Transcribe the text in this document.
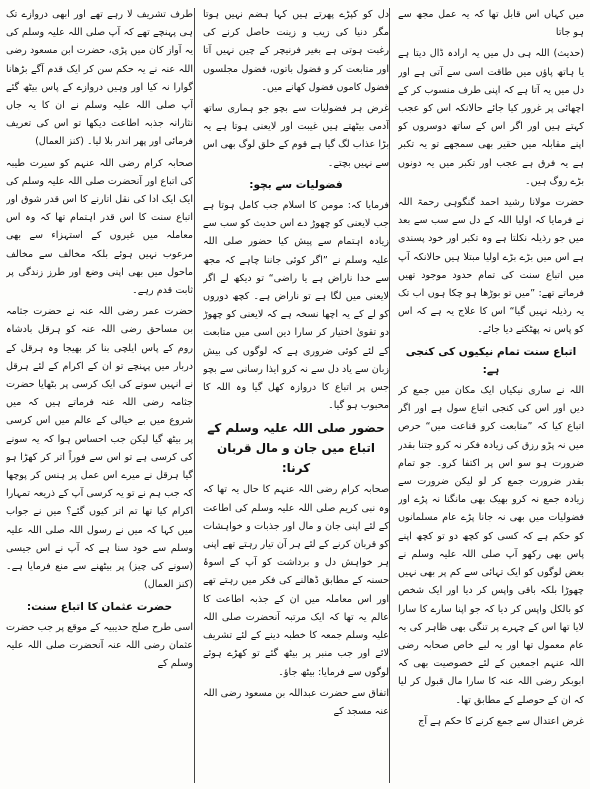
میں کہاں اس قابل تھا کہ یہ عمل مجھ سے ہو جاتا
(حدیث) اللہ ہی دل میں یہ ارادہ ڈال دیتا ہے یا ہاتھ پاؤں میں طاقت اسی سے آتی ہے اور دل میں یہ آتا ہے کہ اپنی طرف منسوب کر کے اچھائی پر غرور کیا جائے حالانکہ اس کو عجب کہتے ہیں اور اگر اس کے ساتھ دوسروں کو اپنے مقابلہ میں حقیر بھی سمجھے تو یہ تکبر ہے یہ فرق ہے عجب اور تکبر میں یہ دونوں بڑے روگ ہیں۔
حضرت مولانا رشید احمد گنگوہی رحمۃ اللہ نے فرمایا کہ اولیا اللہ کے دل سے سب سے بعد میں جو رذیلہ نکلتا ہے وہ تکبر اور خود پسندی ہے اس میں بڑے بڑے اولیا مبتلا ہیں حالانکہ آپ میں اتباع سنت کی تمام حدود موجود تھیں فرماتے تھے: ”میں تو بوڑھا ہو چکا ہوں اب تک یہ رذیلہ نہیں گیا“ اس کا علاج یہ ہے کہ اس کو پاس نہ پھٹکنے دیا جائے۔
اتباع سنت تمام نیکیوں کی کنجی ہے:
اللہ نے ساری نیکیاں ایک مکان میں جمع کر دیں اور اس کی کنجی اتباع سول ہے اور اگر اتباع کیا کہ ”متابعت کرو قناعت میں“ حرص میں نہ پڑو رزق کی زیادہ فکر نہ کرو جتنا بقدر ضرورت ہو سو اس پر اکتفا کرو۔ جو تمام بقدر ضرورت جمع کر لو لیکن ضرورت سے زیادہ جمع نہ کرو بھیک بھی مانگنا نہ پڑے اور فضولیات میں بھی نہ جانا پڑے عام مسلمانوں کو حکم ہے کہ کسی کو کچھ دو تو کچھ اپنے پاس بھی رکھو آپ صلی اللہ علیہ وسلم نے بعض لوگوں کو ایک تہائی سے کم پر بھی نہیں چھوڑا بلکہ باقی واپس کر دیا اور ایک شخص کو بالکل واپس کر دیا کہ جو اپنا سارے کا سارا لایا تھا اس کے چہرے پر تنگی بھی ظاہر کی یہ عام معمول تھا اور یہ لیے خاص صحابہ رضی اللہ عنہم اجمعین کے لئے خصوصیت بھی کہ ابوبکر رضی اللہ عنہ کا سارا مال قبول کر لیا کہ ان کے حوصلے کے مطابق تھا۔
غرض اعتدال سے جمع کرنے کا حکم ہے آج
دل کو کپڑے پھرتے ہیں کہا ہضم نہیں ہوتا مگر دنیا کی زیب و زینت حاصل کرنے کی رغبت ہوتی ہے بغیر فرنیچر کے چین نہیں آتا اور متابعت کر و فضول باتوں، فضول مجلسوں فضول کاموں فضول کھانے میں۔
غرض ہر فضولیات سے بچو جو ہماری ساتھ آدمی بیٹھتے ہیں غیبت اور لایعنی ہوتا ہے یہ بڑا عذاب لگ گیا ہے قوم کے خلق لوگ بھی اس سے نہیں بچتے۔
فضولیات سے بچو:
فرمایا کہ: مومن کا اسلام جب کامل ہوتا ہے جب لایعنی کو چھوڑ دے اس حدیث کو سب سے زیادہ اہتمام سے پیش کیا حضور صلی اللہ علیہ وسلم نے ”اگر کوئی جاننا چاہے کہ مجھ سے خدا ناراض ہے یا راضی“ تو دیکھ لے اگر لایعنی میں لگا ہے تو ناراض ہے۔ کچھ دوروں کو لے کے یہ اچھا نسخہ ہے کہ لایعنی کو چھوڑ دو تقویٰ اختیار کر سارا دین اسی میں متابعت کے لئے کوئی ضروری ہے کہ لوگوں کی بیش زبان سے یاد دل سے نہ کرو ایذا رسانی سے بچو جس پر اتباع کا دروازہ کھل گیا وہ اللہ کا محبوب ہو گیا۔
حضور صلی اللہ علیہ وسلم کے اتباع میں جان و مال قربان کرنا:
صحابہ کرام رضی اللہ عنہم کا حال یہ تھا کہ وہ نبی کریم صلی اللہ علیہ وسلم کی اطاعت کے لئے اپنی جان و مال اور جذبات و خواہشات کو قربان کرنے کے لئے ہر آن تیار رہتے تھے اپنی ہر خواہش دل و برداشت کو آپ کے اسوۂ حسنہ کے مطابق ڈھالنے کی فکر میں رہتے تھے اور اس معاملہ میں ان کے جذبہ اطاعت کا عالم یہ تھا کہ ایک مرتبہ آنحضرت صلی اللہ علیہ وسلم جمعہ کا خطبہ دینے کے لئے تشریف لائے اور جب منبر پر بیٹھ گئے تو کھڑے ہوئے لوگوں سے فرمایا: بیٹھ جاؤ۔
اتفاق سے حضرت عبداللہ بن مسعود رضی اللہ عنہ مسجد کے
طرف تشریف لا رہے تھے اور ابھی دروازے تک ہی پہنچے تھے کہ آپ صلی اللہ علیہ وسلم کی یہ آواز کان میں پڑی، حضرت ابن مسعود رضی اللہ عنہ نے یہ حکم سن کر ایک قدم آگے بڑھانا گوارا نہ کیا اور وہیں دروازے کے پاس بیٹھ گئے آپ صلی اللہ علیہ وسلم نے ان کا یہ جاں نثارانہ جذبہ اطاعت دیکھا تو اس کی تعریف فرمائی اور پھر اندر بلا لیا۔ (کنز العمال)
صحابہ کرام رضی اللہ عنہم کو سیرت طیبہ کی اتباع اور آنحضرت صلی اللہ علیہ وسلم کی ایک ایک ادا کی نقل اتارنے کا اس قدر شوق اور اتباع سنت کا اس قدر اہتمام تھا کہ وہ اس معاملہ میں غیروں کے استہزاء سے بھی مرعوب نہیں ہوئے بلکہ مخالف سے مخالف ماحول میں بھی اپنی وضع اور طرز زندگی پر ثابت قدم رہے۔
حضرت عمر رضی اللہ عنہ نے حضرت جثامہ بن مساحق رضی اللہ عنہ کو ہرقل بادشاہ روم کے پاس ایلچی بنا کر بھیجا وہ ہرقل کے دربار میں پہنچے تو ان کے اکرام کے لئے ہرقل نے انہیں سونے کی ایک کرسی پر بٹھایا حضرت جثامہ رضی اللہ عنہ فرماتے ہیں کہ میں شروع میں بے خیالی کے عالم میں اس کرسی پر بیٹھ گیا لیکن جب احساس ہوا کہ یہ سونے کی کرسی ہے تو اس سے فوراً اتر کر کھڑا ہو گیا ہرقل نے میرے اس عمل پر ہنس کر پوچھا کہ جب ہم نے تو یہ کرسی آپ کے ذریعہ تمہارا اکرام کیا تھا تم اتر کیوں گئے؟ میں نے جواب میں کہا کہ میں نے رسول اللہ صلی اللہ علیہ وسلم سے خود سنا ہے کہ آپ نے اس جیسی (سونے کی چیز) پر بیٹھنے سے منع فرمایا ہے۔ (کنز العمال)
حضرت عثمان کا اتباع سنت:
اسی طرح صلح حدیبیہ کے موقع پر جب حضرت عثمان رضی اللہ عنہ آنحضرت صلی اللہ علیہ وسلم کے
